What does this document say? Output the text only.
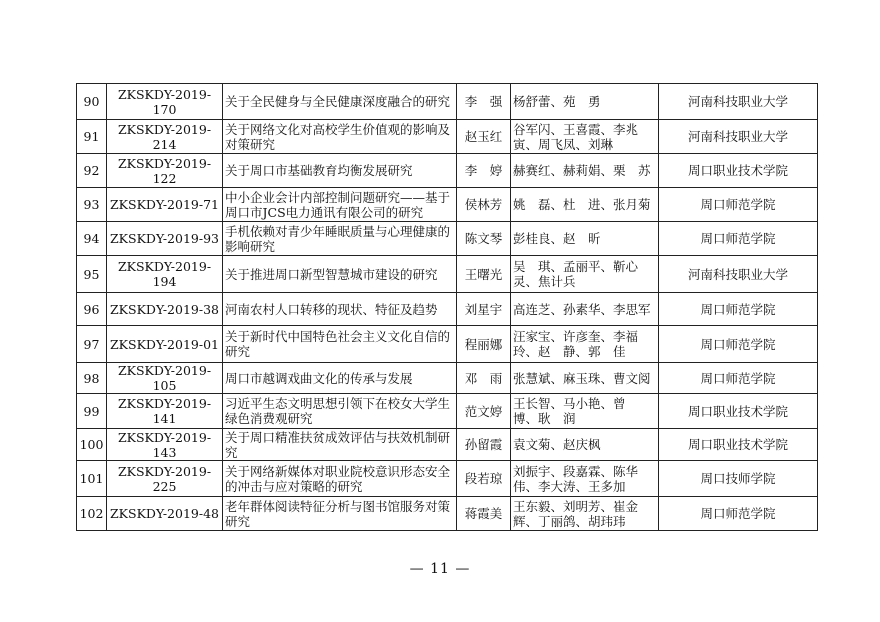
90	ZKSKDY-2019-170	关于全民健身与全民健康深度融合的研究	李　强	杨舒蕾、苑　勇	河南科技职业大学
91	ZKSKDY-2019-214	关于网络文化对高校学生价值观的影响及对策研究	赵玉红	谷军闪、王喜霞、李兆寅、周飞凤、刘琳	河南科技职业大学
92	ZKSKDY-2019-122	关于周口市基础教育均衡发展研究	李　婷	赫赛红、赫莉娟、栗　苏	周口职业技术学院
93	ZKSKDY-2019-71	中小企业会计内部控制问题研究——基于周口市JCS电力通讯有限公司的研究	侯林芳	姚　磊、杜　进、张月菊	周口师范学院
94	ZKSKDY-2019-93	手机依赖对青少年睡眠质量与心理健康的影响研究	陈文琴	彭桂良、赵　昕	周口师范学院
95	ZKSKDY-2019-194	关于推进周口新型智慧城市建设的研究	王曙光	吴　琪、孟丽平、靳心灵、焦计兵	河南科技职业大学
96	ZKSKDY-2019-38	河南农村人口转移的现状、特征及趋势	刘星宇	高连芝、孙素华、李思军	周口师范学院
97	ZKSKDY-2019-01	关于新时代中国特色社会主义文化自信的研究	程丽娜	汪家宝、许彦奎、李福玲、赵　静、郭　佳	周口师范学院
98	ZKSKDY-2019-105	周口市越调戏曲文化的传承与发展	邓　雨	张慧斌、麻玉珠、曹文阅	周口师范学院
99	ZKSKDY-2019-141	习近平生态文明思想引领下在校女大学生绿色消费观研究	范文婷	王长智、马小艳、曾　博、耿　润	周口职业技术学院
100	ZKSKDY-2019-143	关于周口精准扶贫成效评估与扶效机制研究	孙留霞	袁文菊、赵庆枫	周口职业技术学院
101	ZKSKDY-2019-225	关于网络新媒体对职业院校意识形态安全的冲击与应对策略的研究	段若琼	刘振宇、段嘉霖、陈华伟、李大涛、王多加	周口技师学院
102	ZKSKDY-2019-48	老年群体阅读特征分析与图书馆服务对策研究	蒋霞美	王东毅、刘明芳、崔金辉、丁丽鸽、胡玮玮	周口师范学院
— 11 —
